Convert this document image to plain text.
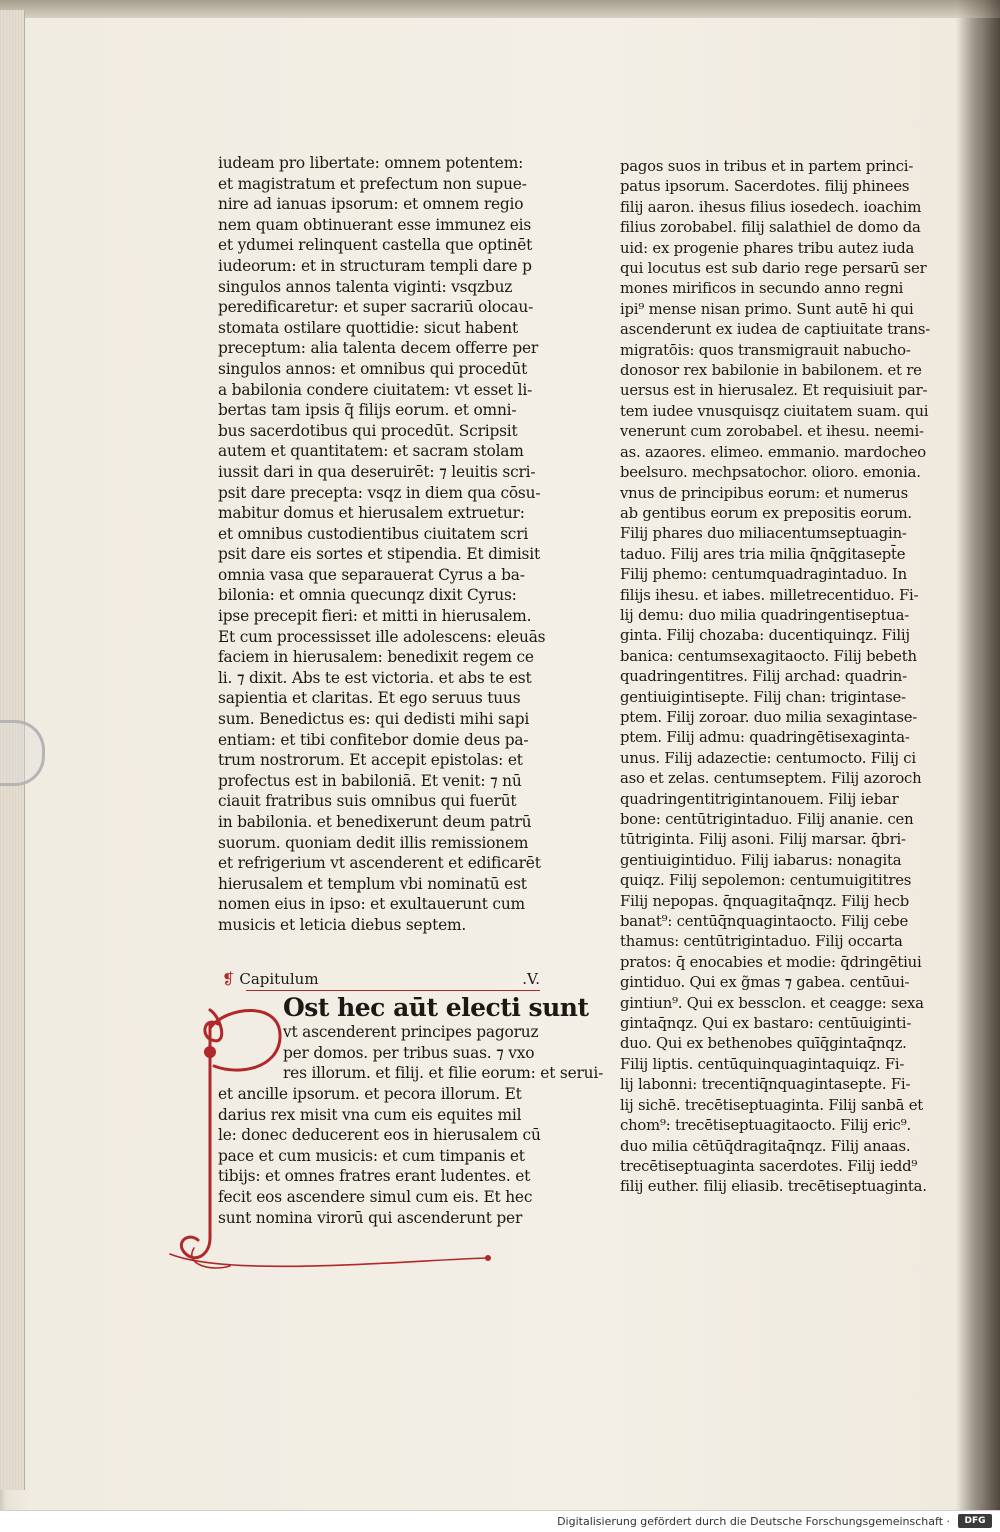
iudeam pro libertate: omnem potentem:
et magistratum et prefectum non supue-
nire ad ianuas ipsorum: et omnem regio
nem quam obtinuerant esse immunez eis
et ydumei relinquent castella que optinēt
iudeorum: et in structuram templi dare p
singulos annos talenta viginti: vsqzbuz
peredificaretur: et super sacrariū olocau-
stomata ostilare quottidie: sicut habent
preceptum: alia talenta decem offerre per
singulos annos: et omnibus qui procedūt
a babilonia condere ciuitatem: vt esset li-
bertas tam ipsis q̄ filijs eorum. et omni-
bus sacerdotibus qui procedūt. Scripsit
autem et quantitatem: et sacram stolam
iussit dari in qua deseruirēt: ⁊ leuitis scri-
psit dare precepta: vsqz in diem qua cōsu-
mabitur domus et hierusalem extruetur:
et omnibus custodientibus ciuitatem scri
psit dare eis sortes et stipendia. Et dimisit
omnia vasa que separauerat Cyrus a ba-
bilonia: et omnia quecunqz dixit Cyrus:
ipse precepit fieri: et mitti in hierusalem.
Et cum processisset ille adolescens: eleuās
faciem in hierusalem: benedixit regem ce
li. ⁊ dixit. Abs te est victoria. et abs te est
sapientia et claritas. Et ego seruus tuus
sum. Benedictus es: qui dedisti mihi sapi
entiam: et tibi confitebor domie deus pa-
trum nostrorum. Et accepit epistolas: et
profectus est in babiloniā. Et venit: ⁊ nū
ciauit fratribus suis omnibus qui fuerūt
in babilonia. et benedixerunt deum patrū
suorum. quoniam dedit illis remissionem
et refrigerium vt ascenderent et edificarēt
hierusalem et templum vbi nominatū est
nomen eius in ipso: et exultauerunt cum
musicis et leticia diebus septem.
❡ Capitulum	.V.
Ost hec aūt electi sunt
vt ascenderent principes pagoruz
per domos. per tribus suas. ⁊ vxo
res illorum. et filij. et filie eorum: et serui-
et ancille ipsorum. et pecora illorum. Et
darius rex misit vna cum eis equites mil
le: donec deducerent eos in hierusalem cū
pace et cum musicis: et cum timpanis et
tibijs: et omnes fratres erant ludentes. et
fecit eos ascendere simul cum eis. Et hec
sunt nomina virorū qui ascenderunt per
pagos suos in tribus et in partem princi-
patus ipsorum. Sacerdotes. filij phinees
filij aaron. ihesus filius iosedech. ioachim
filius zorobabel. filij salathiel de domo da
uid: ex progenie phares tribu autez iuda
qui locutus est sub dario rege persarū ser
mones mirificos in secundo anno regni
ipi⁹ mense nisan primo. Sunt autē hi qui
ascenderunt ex iudea de captiuitate trans-
migratōis: quos transmigrauit nabucho-
donosor rex babilonie in babilonem. et re
uersus est in hierusalez. Et requisiuit par-
tem iudee vnusquisqz ciuitatem suam. qui
venerunt cum zorobabel. et ihesu. neemi-
as. azaores. elimeo. emmanio. mardocheo
beelsuro. mechpsatochor. olioro. emonia.
vnus de principibus eorum: et numerus
ab gentibus eorum ex prepositis eorum.
Filij phares duo miliacentumseptuagin-
taduo. Filij ares tria milia q̄nq̄gitasept̄e
Filij phemo: centumquadragintaduo. In
filijs ihesu. et iabes. milletrecentiduo. Fi-
lij demu: duo milia quadringentiseptua-
ginta. Filij chozaba: ducentiquinqz. Filij
banica: centumsexagitaocto. Filij bebeth
quadringentitres. Filij archad: quadrin-
gentiuigintisepte. Filij chan: trigintase-
ptem. Filij zoroar. duo milia sexagintase-
ptem. Filij admu: quadringētisexaginta-
unus. Filij adazectie: centumocto. Filij ci
aso et zelas. centumseptem. Filij azoroch
quadringentitrigintanouem. Filij iebar
bone: centūtrigintaduo. Filij ananie. cen
tūtriginta. Filij asoni. Filij marsar. q̄bri-
gentiuigintiduo. Filij iabarus: nonagita
quiqz. Filij sepolemon: centumuigititres
Filij nepopas. q̄nquagitaq̄nqz. Filij hecb
banat⁹: centūq̄nquagintaocto. Filij cebe
thamus: centūtrigintaduo. Filij occarta
pratos: q̄ enocabies et modie: q̄dringētiui
gintiduo. Qui ex g̃mas ⁊ gabea. centūui-
gintiun⁹. Qui ex bessclon. et ceagge: sexa
gintaq̄nqz. Qui ex bastaro: centūuiginti-
duo. Qui ex bethenobes quīq̄gintaq̄nqz.
Filij liptis. centūquinquagintaquiqz. Fi-
lij labonni: trecentiq̄nquagintasepte. Fi-
lij sichē. trecētiseptuaginta. Filij sanbā et
chom⁹: trecētiseptuagitaocto. Filij eric⁹.
duo milia cētūq̄dragitaq̄nqz. Filij anaas.
trecētiseptuaginta sacerdotes. Filij iedd⁹
filij euther. filij eliasib. trecētiseptuaginta.
Digitalisierung gefördert durch die Deutsche Forschungsgemeinschaft ·	DFG
